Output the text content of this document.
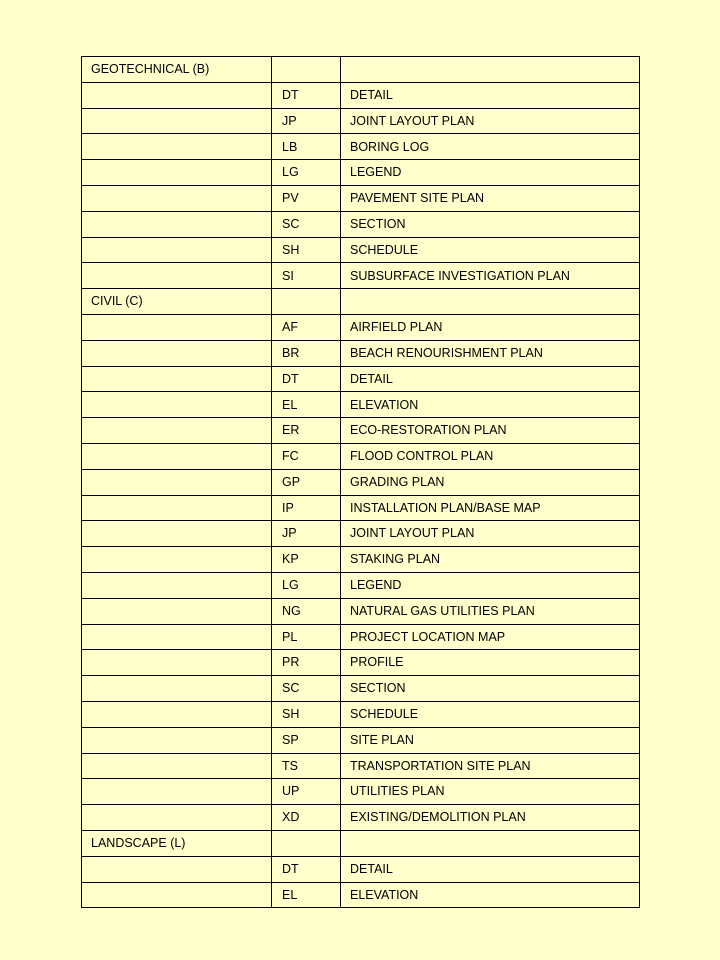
GEOTECHNICAL (B)		
	DT	DETAIL
	JP	JOINT LAYOUT PLAN
	LB	BORING LOG
	LG	LEGEND
	PV	PAVEMENT SITE PLAN
	SC	SECTION
	SH	SCHEDULE
	SI	SUBSURFACE INVESTIGATION PLAN
CIVIL (C)		
	AF	AIRFIELD PLAN
	BR	BEACH RENOURISHMENT PLAN
	DT	DETAIL
	EL	ELEVATION
	ER	ECO-RESTORATION PLAN
	FC	FLOOD CONTROL PLAN
	GP	GRADING PLAN
	IP	INSTALLATION PLAN/BASE MAP
	JP	JOINT LAYOUT PLAN
	KP	STAKING PLAN
	LG	LEGEND
	NG	NATURAL GAS UTILITIES PLAN
	PL	PROJECT LOCATION MAP
	PR	PROFILE
	SC	SECTION
	SH	SCHEDULE
	SP	SITE PLAN
	TS	TRANSPORTATION SITE PLAN
	UP	UTILITIES PLAN
	XD	EXISTING/DEMOLITION PLAN
LANDSCAPE (L)		
	DT	DETAIL
	EL	ELEVATION
